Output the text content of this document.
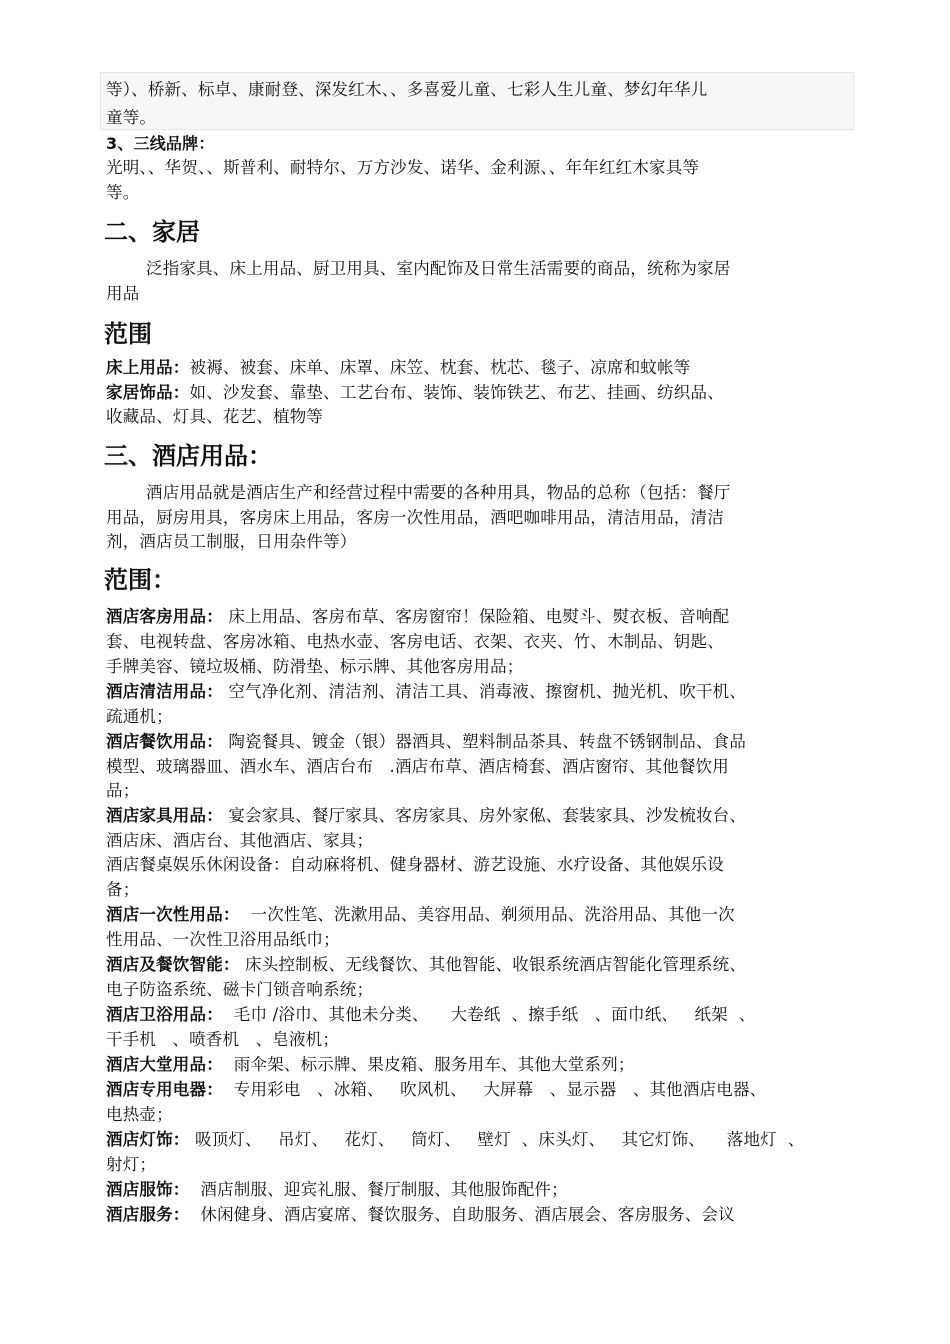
等）、桥新、标卓、康耐登、深发红木、、多喜爱儿童、七彩人生儿童、梦幻年华儿
童等。
3、三线品牌：
光明、、华贺、、斯普利、耐特尔、万方沙发、诺华、金利源、、年年红红木家具等
等。
二、家居
泛指家具、床上用品、厨卫用具、室内配饰及日常生活需要的商品，统称为家居
用品
范围
床上用品：被褥、被套、床单、床罩、床笠、枕套、枕芯、毯子、凉席和蚊帐等
家居饰品：如、沙发套、靠垫、工艺台布、装饰、装饰铁艺、布艺、挂画、纺织品、
收藏品、灯具、花艺、植物等
三、酒店用品：
酒店用品就是酒店生产和经营过程中需要的各种用具，物品的总称（包括：餐厅
用品，厨房用具，客房床上用品，客房一次性用品，酒吧咖啡用品，清洁用品，清洁
剂，酒店员工制服，日用杂件等）
范围：
酒店客房用品： 床上用品、客房布草、客房窗帘！保险箱、电熨斗、熨衣板、音响配
套、电视转盘、客房冰箱、电热水壶、客房电话、衣架、衣夹、竹、木制品、钥匙、
手牌美容、镜垃圾桶、防滑垫、标示牌、其他客房用品；
酒店清洁用品： 空气净化剂、清洁剂、清洁工具、消毒液、擦窗机、抛光机、吹干机、
疏通机；
酒店餐饮用品： 陶瓷餐具、镀金（银）器酒具、塑料制品茶具、转盘不锈钢制品、食品
模型、玻璃器皿、酒水车、酒店台布   .酒店布草、酒店椅套、酒店窗帘、其他餐饮用
品；
酒店家具用品： 宴会家具、餐厅家具、客房家具、房外家俬、套装家具、沙发梳妆台、
酒店床、酒店台、其他酒店、家具；
酒店餐桌娱乐休闲设备：自动麻将机、健身器材、游艺设施、水疗设备、其他娱乐设
备；
酒店一次性用品：  一次性笔、洗漱用品、美容用品、剃须用品、洗浴用品、其他一次
性用品、一次性卫浴用品纸巾；
酒店及餐饮智能： 床头控制板、无线餐饮、其他智能、收银系统酒店智能化管理系统、
电子防盗系统、磁卡门锁音响系统；
酒店卫浴用品：  毛巾 /浴巾、其他未分类、    大卷纸  、擦手纸   、面巾纸、   纸架  、
干手机   、喷香机   、皂液机；
酒店大堂用品：  雨伞架、标示牌、果皮箱、服务用车、其他大堂系列；
酒店专用电器：  专用彩电   、冰箱、   吹风机、   大屏幕   、显示器   、其他酒店电器、
电热壶；
酒店灯饰： 吸顶灯、   吊灯、   花灯、   筒灯、   壁灯  、床头灯、   其它灯饰、    落地灯  、
射灯；
酒店服饰：  酒店制服、迎宾礼服、餐厅制服、其他服饰配件；
酒店服务：  休闲健身、酒店宴席、餐饮服务、自助服务、酒店展会、客房服务、会议
